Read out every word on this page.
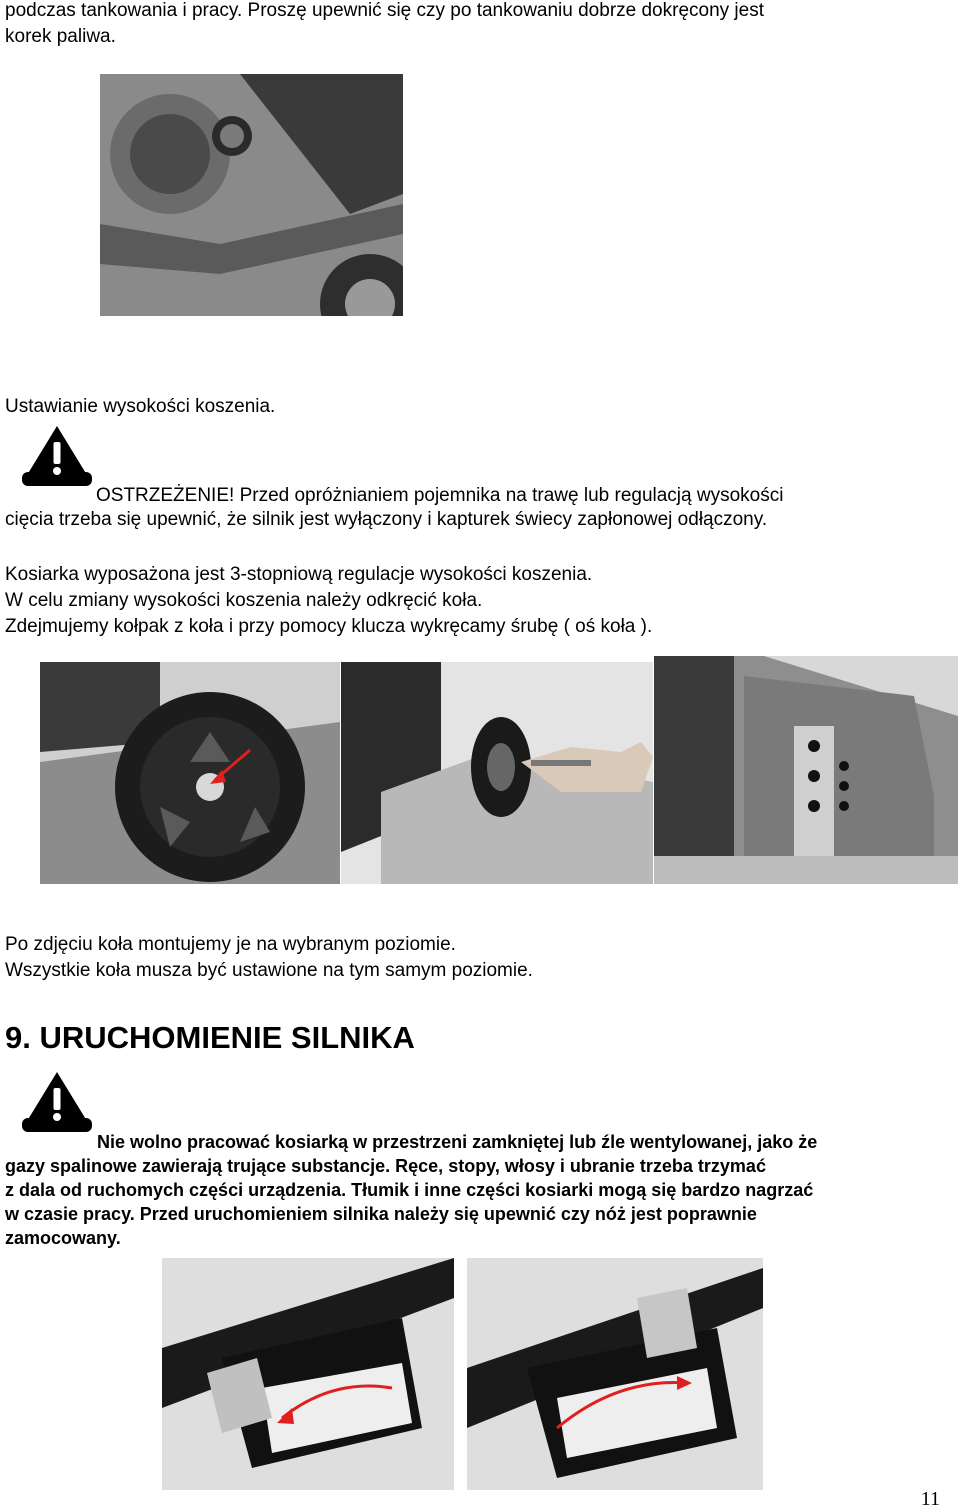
podczas tankowania i pracy. Proszę upewnić się czy po tankowaniu dobrze dokręcony jest

korek paliwa.

Ustawianie wysokości koszenia.

OSTRZEŻENIE! Przed opróżnianiem pojemnika na trawę lub regulacją wysokości

cięcia trzeba się upewnić, że silnik jest wyłączony i kapturek świecy zapłonowej odłączony.

Kosiarka wyposażona jest 3-stopniową regulacje wysokości koszenia.

W celu zmiany wysokości koszenia należy odkręcić koła.

Zdejmujemy kołpak z koła i przy pomocy klucza wykręcamy śrubę ( oś koła ).

Po zdjęciu koła montujemy je na wybranym poziomie.

Wszystkie koła musza być ustawione na tym samym poziomie.

9. URUCHOMIENIE SILNIKA

Nie wolno pracować kosiarką w przestrzeni zamkniętej lub źle wentylowanej, jako że

gazy spalinowe zawierają trujące substancje. Ręce, stopy, włosy i ubranie trzeba trzymać

z dala od ruchomych części urządzenia. Tłumik i inne części kosiarki mogą się bardzo nagrzać

w czasie pracy. Przed uruchomieniem silnika należy się upewnić czy nóż jest poprawnie

zamocowany.

11
